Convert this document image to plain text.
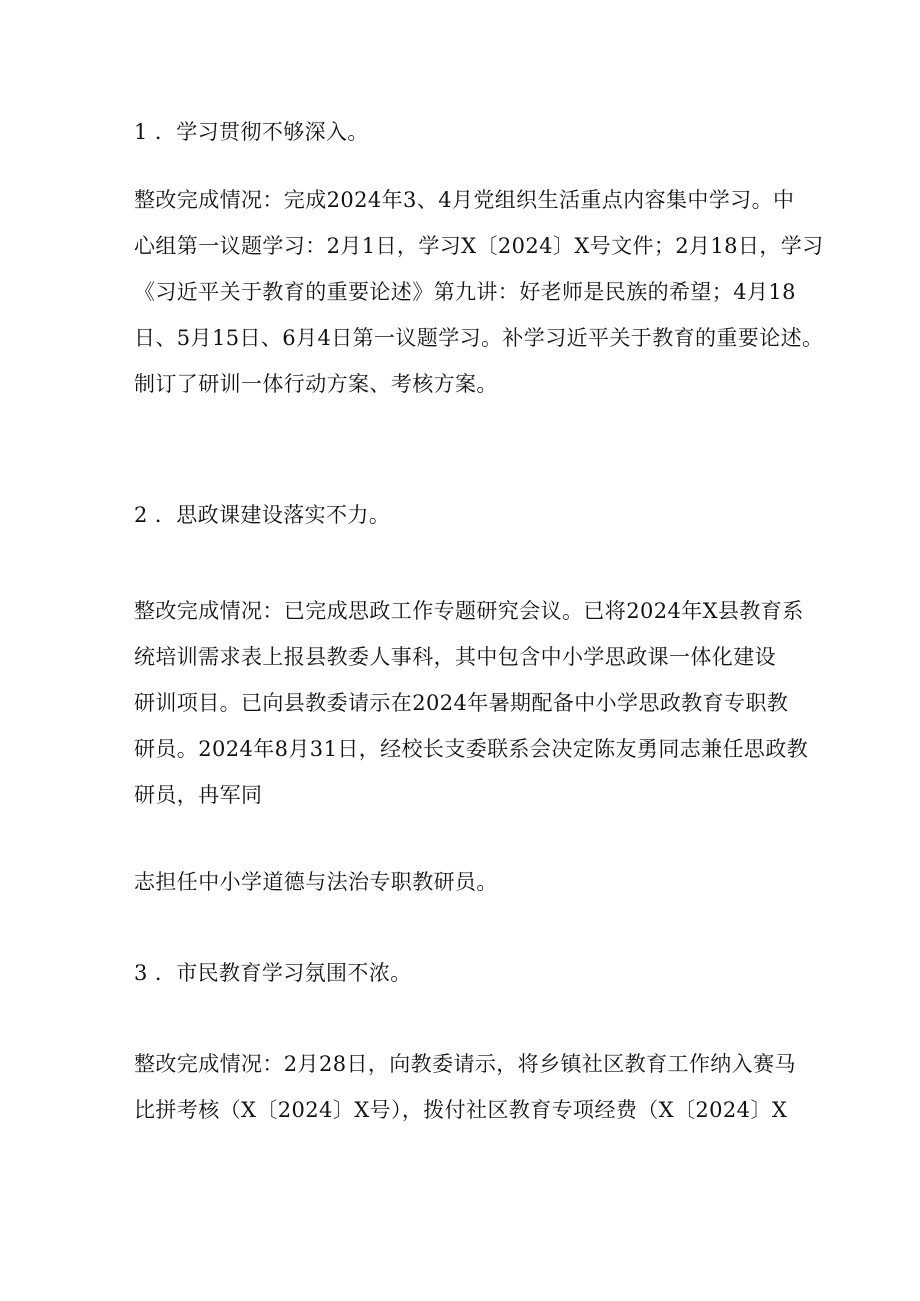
1 ．学习贯彻不够深入。
整改完成情况：完成2024年3、4月党组织生活重点内容集中学习。中
心组第一议题学习：2月1日，学习X〔2024〕X号文件；2月18日，学习
《习近平关于教育的重要论述》第九讲：好老师是民族的希望；4月18
日、5月15日、6月4日第一议题学习。补学习近平关于教育的重要论述。
制订了研训一体行动方案、考核方案。
2 ．思政课建设落实不力。
整改完成情况：已完成思政工作专题研究会议。已将2024年X县教育系
统培训需求表上报县教委人事科，其中包含中小学思政课一体化建设
研训项目。已向县教委请示在2024年暑期配备中小学思政教育专职教
研员。2024年8月31日，经校长支委联系会决定陈友勇同志兼任思政教
研员，冉军同
志担任中小学道德与法治专职教研员。
3 ．市民教育学习氛围不浓。
整改完成情况：2月28日，向教委请示，将乡镇社区教育工作纳入赛马
比拼考核（X〔2024〕X号），拨付社区教育专项经费（X〔2024〕X
